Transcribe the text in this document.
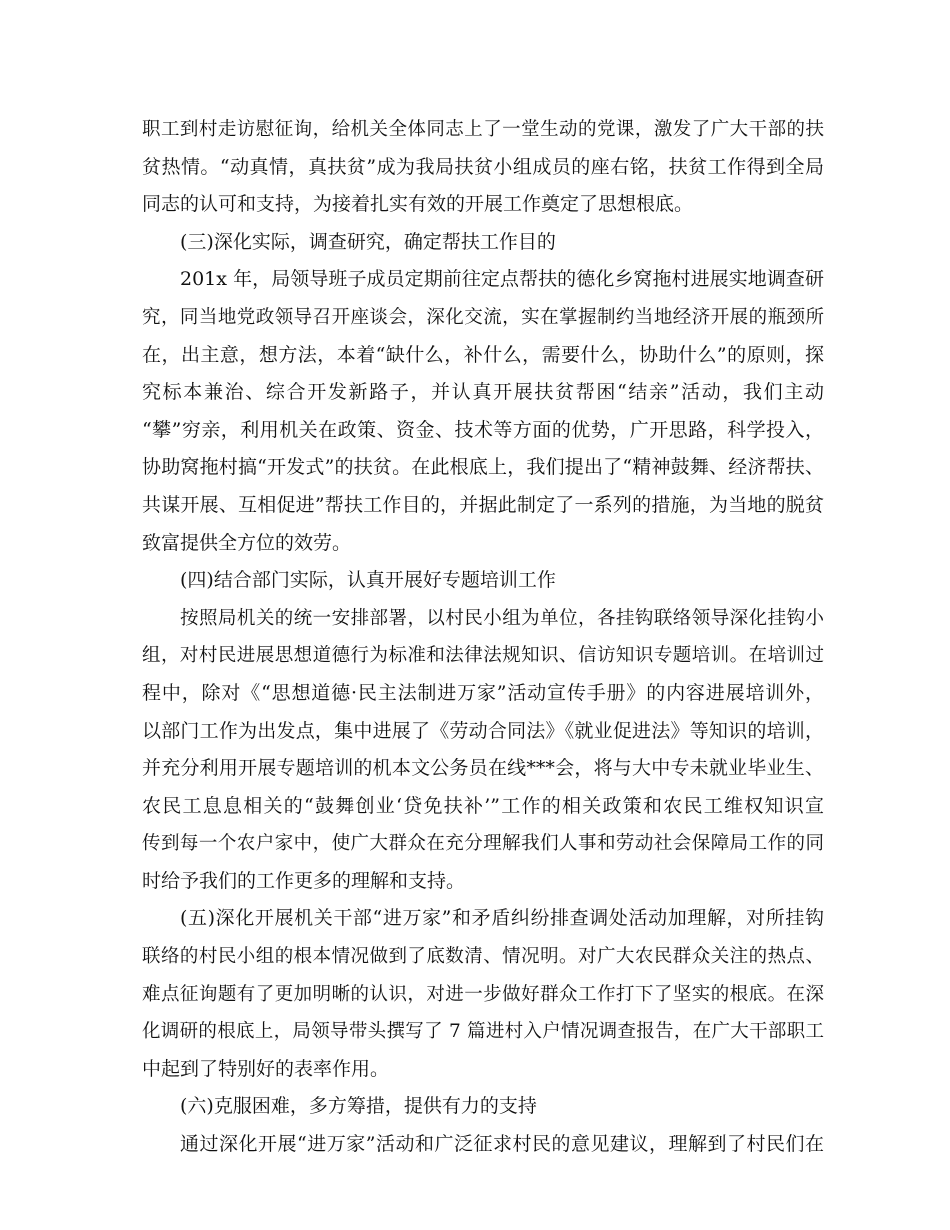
职工到村走访慰征询，给机关全体同志上了一堂生动的党课，激发了广大干部的扶
贫热情。“动真情，真扶贫”成为我局扶贫小组成员的座右铭，扶贫工作得到全局
同志的认可和支持，为接着扎实有效的开展工作奠定了思想根底。
(三)深化实际，调查研究，确定帮扶工作目的
201x 年，局领导班子成员定期前往定点帮扶的德化乡窝拖村进展实地调查研
究，同当地党政领导召开座谈会，深化交流，实在掌握制约当地经济开展的瓶颈所
在，出主意，想方法，本着“缺什么，补什么，需要什么，协助什么”的原则，探
究标本兼治、综合开发新路子，并认真开展扶贫帮困“结亲”活动，我们主动
“攀”穷亲，利用机关在政策、资金、技术等方面的优势，广开思路，科学投入，
协助窝拖村搞“开发式”的扶贫。在此根底上，我们提出了“精神鼓舞、经济帮扶、
共谋开展、互相促进”帮扶工作目的，并据此制定了一系列的措施，为当地的脱贫
致富提供全方位的效劳。
(四)结合部门实际，认真开展好专题培训工作
按照局机关的统一安排部署，以村民小组为单位，各挂钩联络领导深化挂钩小
组，对村民进展思想道德行为标准和法律法规知识、信访知识专题培训。在培训过
程中，除对《“思想道德·民主法制进万家”活动宣传手册》的内容进展培训外，
以部门工作为出发点，集中进展了《劳动合同法》《就业促进法》等知识的培训，
并充分利用开展专题培训的机本文公务员在线***会，将与大中专未就业毕业生、
农民工息息相关的“鼓舞创业‘贷免扶补’”工作的相关政策和农民工维权知识宣
传到每一个农户家中，使广大群众在充分理解我们人事和劳动社会保障局工作的同
时给予我们的工作更多的理解和支持。
(五)深化开展机关干部“进万家”和矛盾纠纷排查调处活动加理解，对所挂钩
联络的村民小组的根本情况做到了底数清、情况明。对广大农民群众关注的热点、
难点征询题有了更加明晰的认识，对进一步做好群众工作打下了坚实的根底。在深
化调研的根底上，局领导带头撰写了 7 篇进村入户情况调查报告，在广大干部职工
中起到了特别好的表率作用。
(六)克服困难，多方筹措，提供有力的支持
通过深化开展“进万家”活动和广泛征求村民的意见建议，理解到了村民们在
